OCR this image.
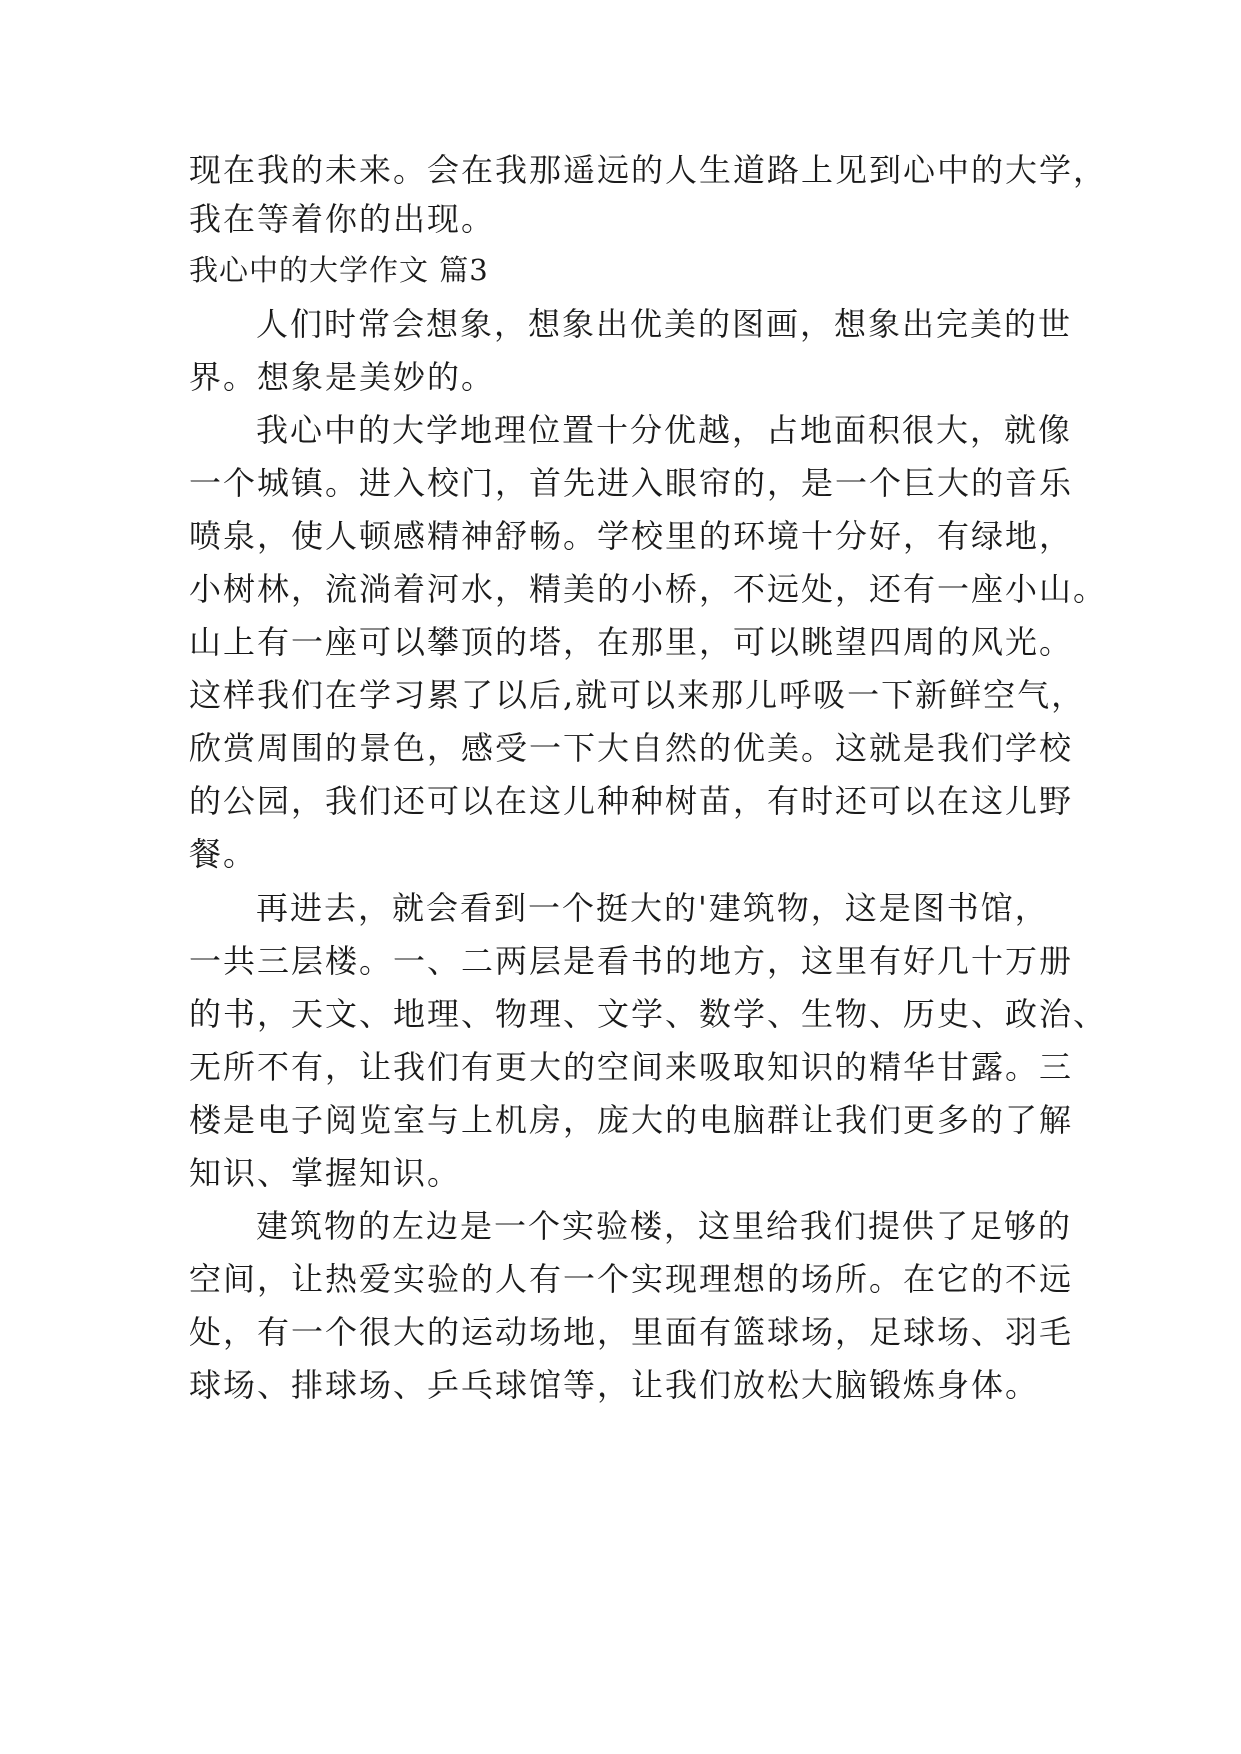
现在我的未来。会在我那遥远的人生道路上见到心中的大学，
我在等着你的出现。
我心中的大学作文 篇3
人们时常会想象，想象出优美的图画，想象出完美的世
界。想象是美妙的。
我心中的大学地理位置十分优越，占地面积很大，就像
一个城镇。进入校门，首先进入眼帘的，是一个巨大的音乐
喷泉，使人顿感精神舒畅。学校里的环境十分好，有绿地，
小树林，流淌着河水，精美的小桥，不远处，还有一座小山。
山上有一座可以攀顶的塔，在那里，可以眺望四周的风光。
这样我们在学习累了以后,就可以来那儿呼吸一下新鲜空气，
欣赏周围的景色，感受一下大自然的优美。这就是我们学校
的公园，我们还可以在这儿种种树苗，有时还可以在这儿野
餐。
再进去，就会看到一个挺大的'建筑物，这是图书馆，
一共三层楼。一、二两层是看书的地方，这里有好几十万册
的书，天文、地理、物理、文学、数学、生物、历史、政治、
无所不有，让我们有更大的空间来吸取知识的精华甘露。三
楼是电子阅览室与上机房，庞大的电脑群让我们更多的了解
知识、掌握知识。
建筑物的左边是一个实验楼，这里给我们提供了足够的
空间，让热爱实验的人有一个实现理想的场所。在它的不远
处，有一个很大的运动场地，里面有篮球场，足球场、羽毛
球场、排球场、乒乓球馆等，让我们放松大脑锻炼身体。
